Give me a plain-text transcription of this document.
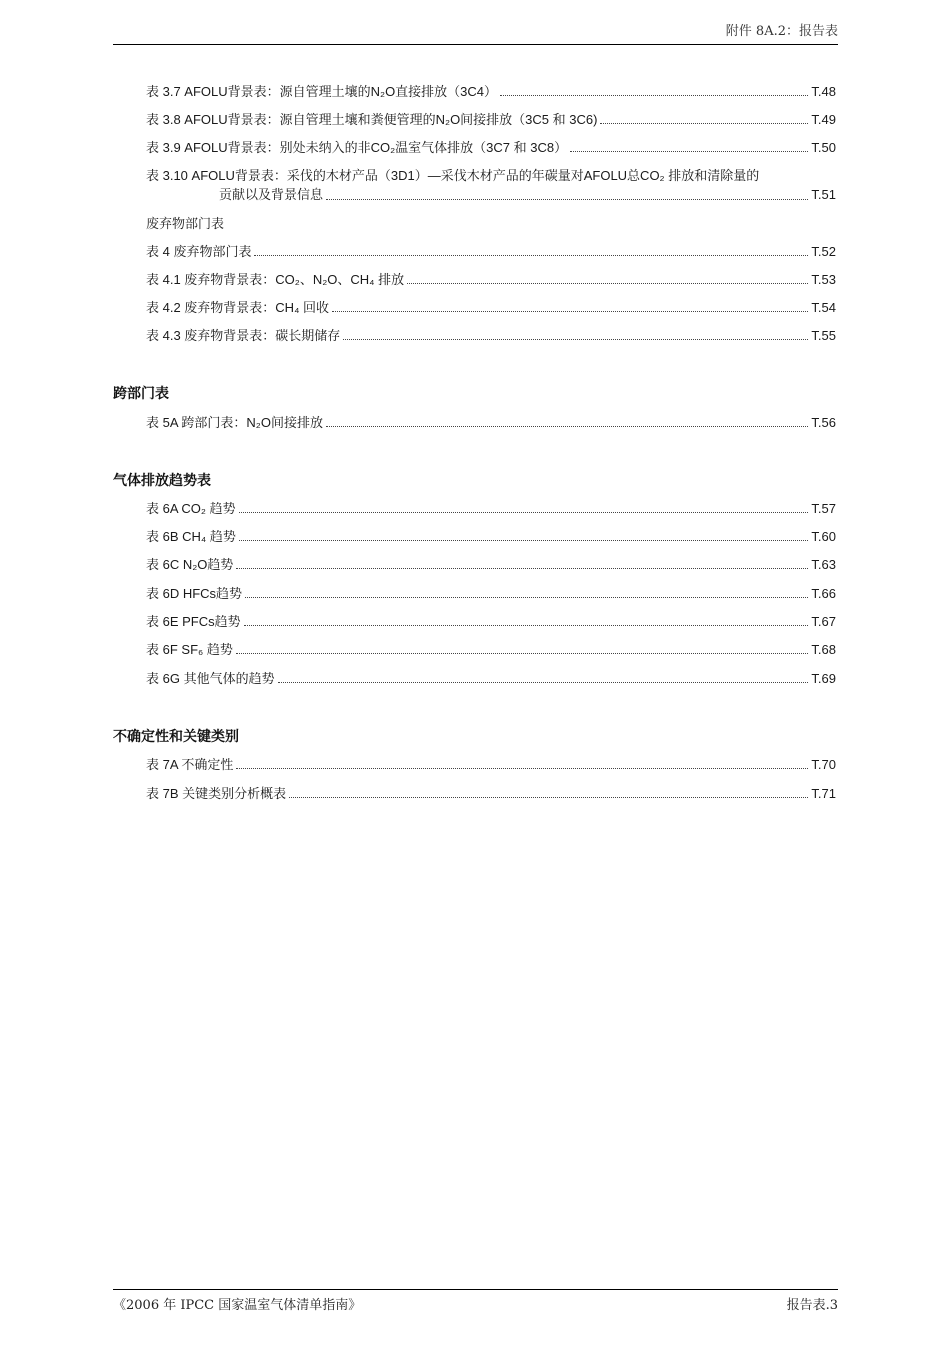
附件 8A.2：报告表
表 3.7 AFOLU背景表：源自管理土壤的N₂O直接排放（3C4）	T.48
表 3.8 AFOLU背景表：源自管理土壤和粪便管理的N₂O间接排放（3C5 和 3C6)	T.49
表 3.9 AFOLU背景表：别处未纳入的非CO₂温室气体排放（3C7 和 3C8）	T.50
表 3.10 AFOLU背景表：采伐的木材产品（3D1）—采伐木材产品的年碳量对AFOLU总CO₂ 排放和清除量的
贡献以及背景信息	T.51
废弃物部门表
表 4 废弃物部门表	T.52
表 4.1 废弃物背景表：CO₂、N₂O、CH₄ 排放	T.53
表 4.2 废弃物背景表：CH₄ 回收	T.54
表 4.3 废弃物背景表：碳长期储存	T.55
跨部门表
表 5A 跨部门表：N₂O间接排放	T.56
气体排放趋势表
表 6A CO₂ 趋势	T.57
表 6B CH₄ 趋势	T.60
表 6C N₂O趋势	T.63
表 6D HFCs趋势	T.66
表 6E PFCs趋势	T.67
表 6F SF₆ 趋势	T.68
表 6G 其他气体的趋势	T.69
不确定性和关键类别
表 7A 不确定性	T.70
表 7B 关键类别分析概表	T.71
《2006 年 IPCC 国家温室气体清单指南》	报告表.3
